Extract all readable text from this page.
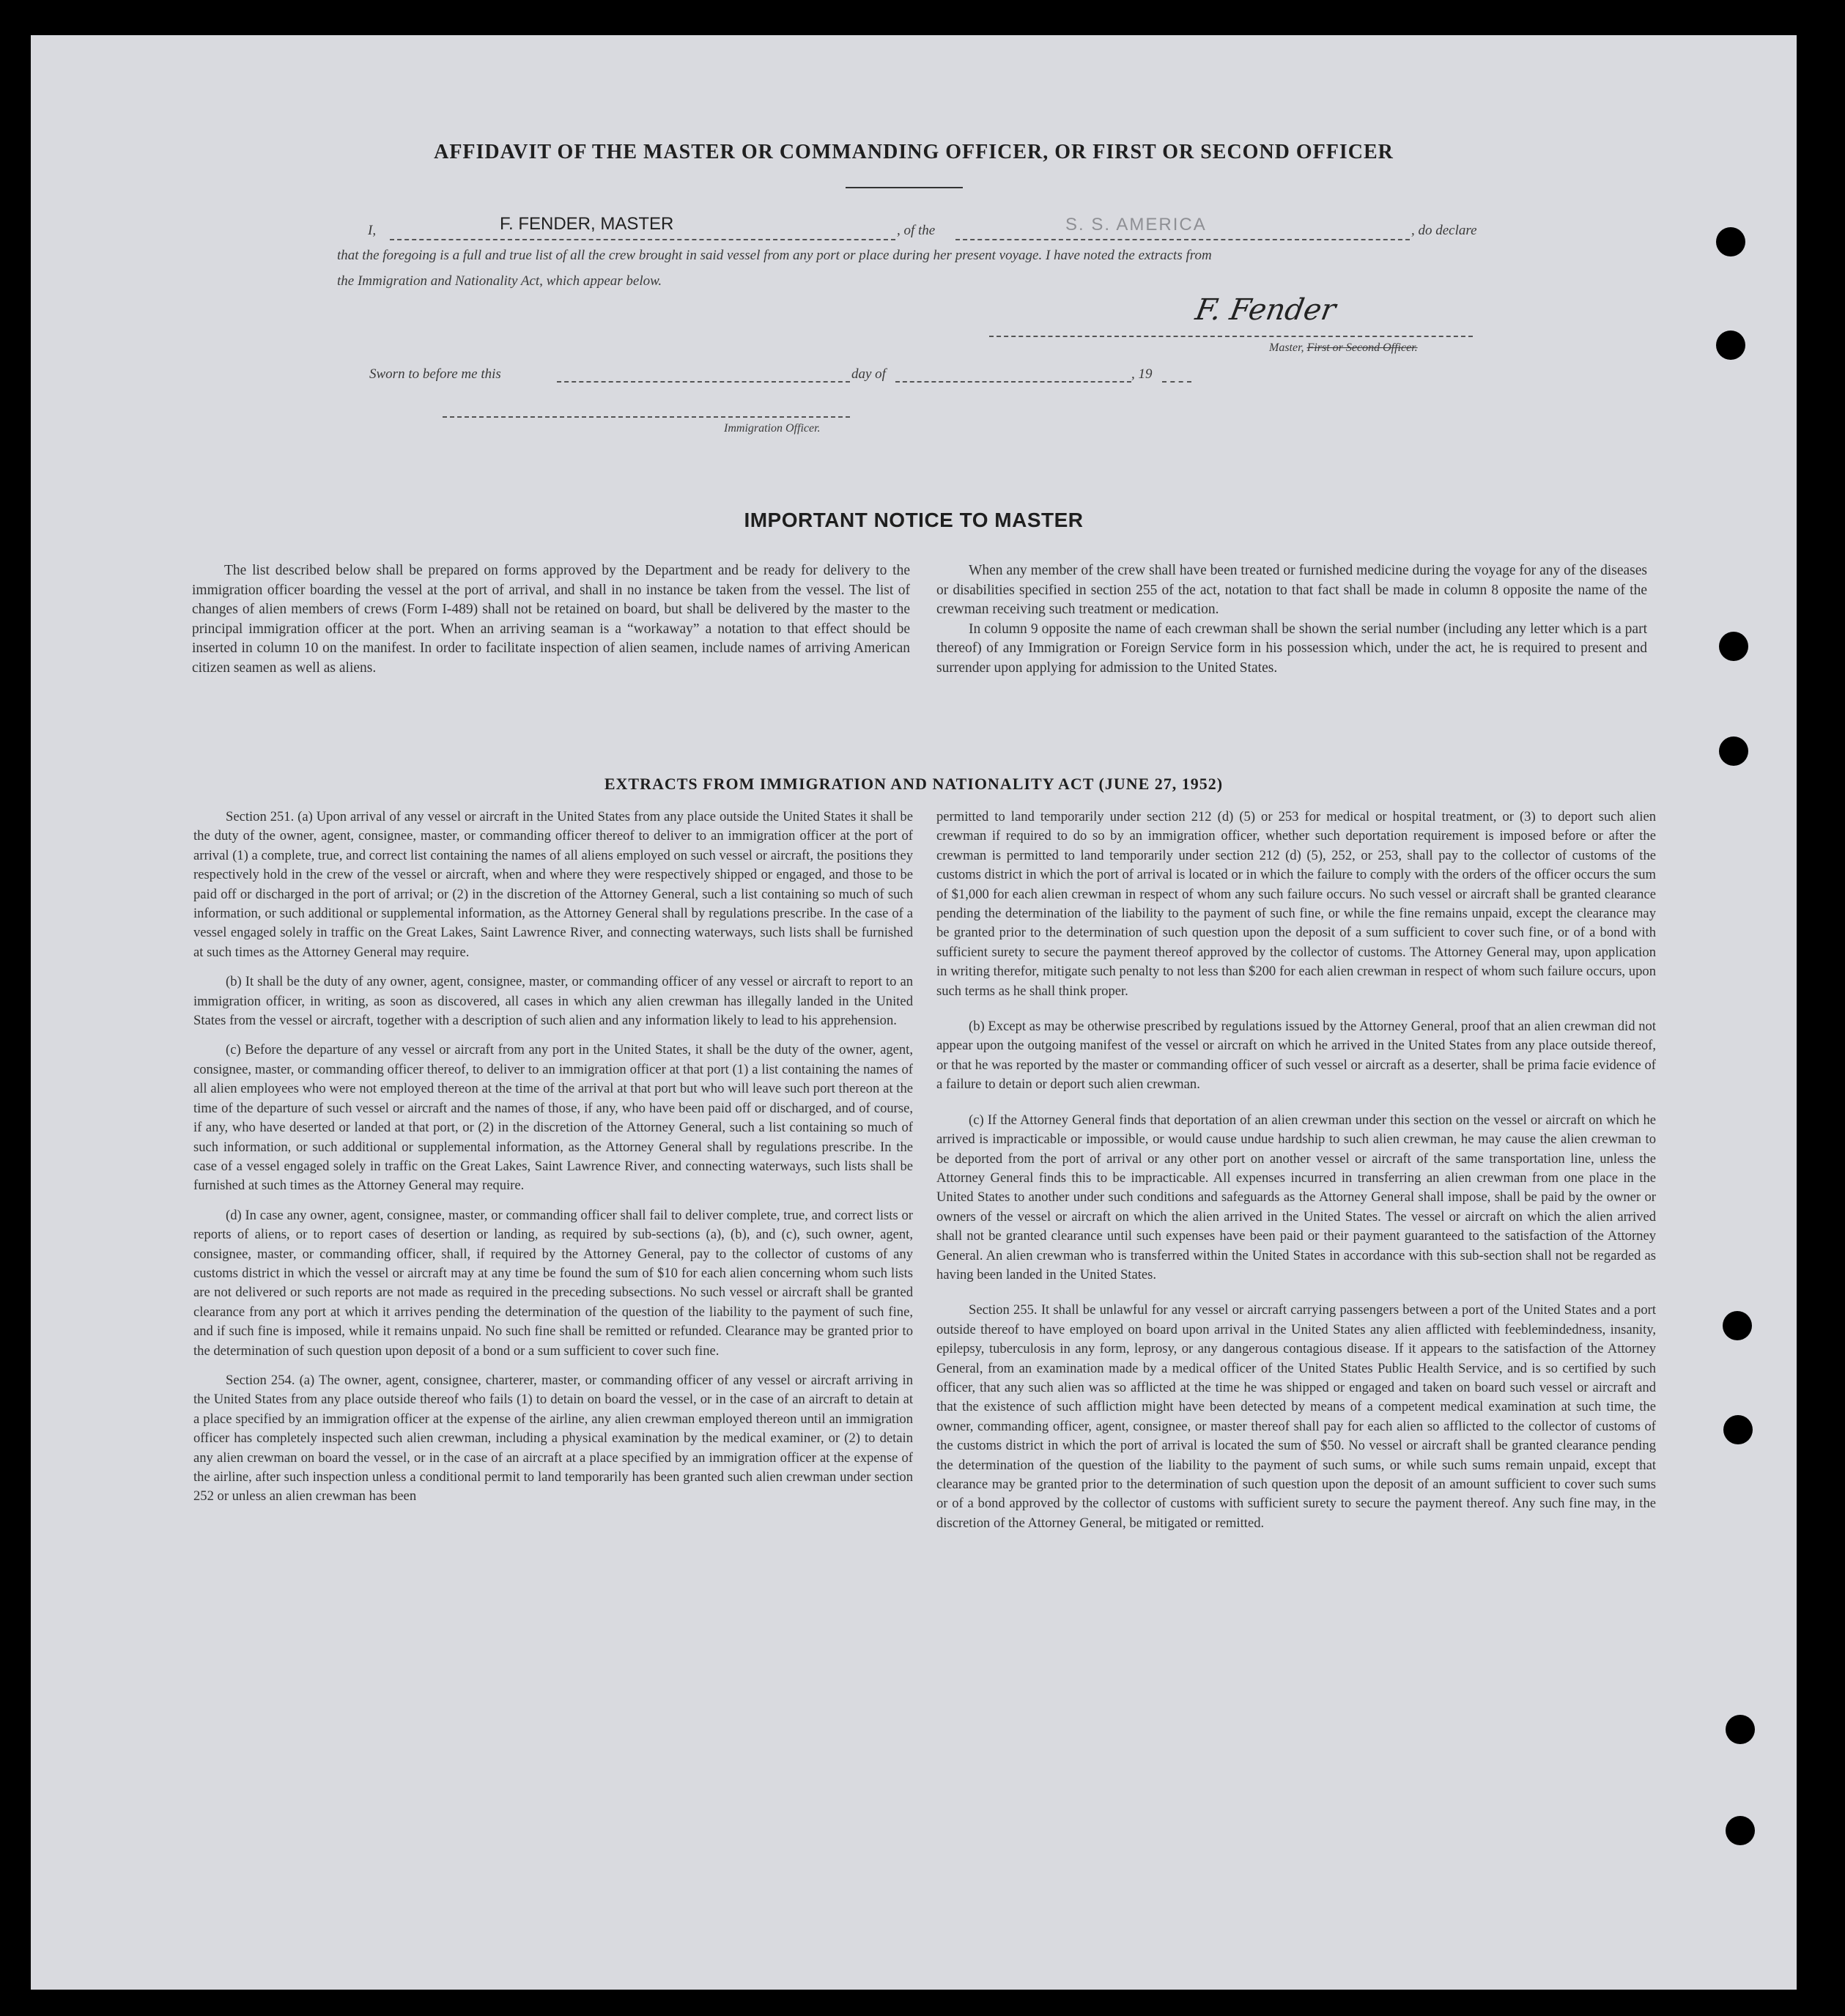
AFFIDAVIT OF THE MASTER OR COMMANDING OFFICER, OR FIRST OR SECOND OFFICER
I,	F. FENDER, MASTER	, of the	S. S. AMERICA	, do declare
that the foregoing is a full and true list of all the crew brought in said vessel from any port or place during her present voyage. I have noted the extracts from
the Immigration and Nationality Act, which appear below.
F. Fender
Master, First or Second Officer.
Sworn to before me this	day of	, 19
Immigration Officer.
IMPORTANT NOTICE TO MASTER

The list described below shall be prepared on forms approved by the Department and be ready for delivery to the immigration officer boarding the vessel at the port of arrival, and shall in no instance be taken from the vessel. The list of changes of alien members of crews (Form I-489) shall not be retained on board, but shall be delivered by the master to the principal immigration officer at the port. When an arriving seaman is a “workaway” a notation to that effect should be inserted in column 10 on the manifest. In order to facilitate inspection of alien seamen, include names of arriving American citizen seamen as well as aliens.

When any member of the crew shall have been treated or furnished medicine during the voyage for any of the diseases or disabilities specified in section 255 of the act, notation to that fact shall be made in column 8 opposite the name of the crewman receiving such treatment or medication.

In column 9 opposite the name of each crewman shall be shown the serial number (including any letter which is a part thereof) of any Immigration or Foreign Service form in his possession which, under the act, he is required to present and surrender upon applying for admission to the United States.

EXTRACTS FROM IMMIGRATION AND NATIONALITY ACT (JUNE 27, 1952)

Section 251. (a) Upon arrival of any vessel or aircraft in the United States from any place outside the United States it shall be the duty of the owner, agent, consignee, master, or commanding officer thereof to deliver to an immigration officer at the port of arrival (1) a complete, true, and correct list containing the names of all aliens employed on such vessel or aircraft, the positions they respectively hold in the crew of the vessel or aircraft, when and where they were respectively shipped or engaged, and those to be paid off or discharged in the port of arrival; or (2) in the discretion of the Attorney General, such a list containing so much of such information, or such additional or supplemental information, as the Attorney General shall by regulations prescribe. In the case of a vessel engaged solely in traffic on the Great Lakes, Saint Lawrence River, and connecting waterways, such lists shall be furnished at such times as the Attorney General may require.

(b) It shall be the duty of any owner, agent, consignee, master, or commanding officer of any vessel or aircraft to report to an immigration officer, in writing, as soon as discovered, all cases in which any alien crewman has illegally landed in the United States from the vessel or aircraft, together with a description of such alien and any information likely to lead to his apprehension.

(c) Before the departure of any vessel or aircraft from any port in the United States, it shall be the duty of the owner, agent, consignee, master, or commanding officer thereof, to deliver to an immigration officer at that port (1) a list containing the names of all alien employees who were not employed thereon at the time of the arrival at that port but who will leave such port thereon at the time of the departure of such vessel or aircraft and the names of those, if any, who have been paid off or discharged, and of course, if any, who have deserted or landed at that port, or (2) in the discretion of the Attorney General, such a list containing so much of such information, or such additional or supplemental information, as the Attorney General shall by regulations prescribe. In the case of a vessel engaged solely in traffic on the Great Lakes, Saint Lawrence River, and connecting waterways, such lists shall be furnished at such times as the Attorney General may require.

(d) In case any owner, agent, consignee, master, or commanding officer shall fail to deliver complete, true, and correct lists or reports of aliens, or to report cases of desertion or landing, as required by sub-sections (a), (b), and (c), such owner, agent, consignee, master, or commanding officer, shall, if required by the Attorney General, pay to the collector of customs of any customs district in which the vessel or aircraft may at any time be found the sum of $10 for each alien concerning whom such lists are not delivered or such reports are not made as required in the preceding subsections. No such vessel or aircraft shall be granted clearance from any port at which it arrives pending the determination of the question of the liability to the payment of such fine, and if such fine is imposed, while it remains unpaid. No such fine shall be remitted or refunded. Clearance may be granted prior to the determination of such question upon deposit of a bond or a sum sufficient to cover such fine.

Section 254. (a) The owner, agent, consignee, charterer, master, or commanding officer of any vessel or aircraft arriving in the United States from any place outside thereof who fails (1) to detain on board the vessel, or in the case of an aircraft to detain at a place specified by an immigration officer at the expense of the airline, any alien crewman employed thereon until an immigration officer has completely inspected such alien crewman, including a physical examination by the medical examiner, or (2) to detain any alien crewman on board the vessel, or in the case of an aircraft at a place specified by an immigration officer at the expense of the airline, after such inspection unless a conditional permit to land temporarily has been granted such alien crewman under section 252 or unless an alien crewman has been

permitted to land temporarily under section 212 (d) (5) or 253 for medical or hospital treatment, or (3) to deport such alien crewman if required to do so by an immigration officer, whether such deportation requirement is imposed before or after the crewman is permitted to land temporarily under section 212 (d) (5), 252, or 253, shall pay to the collector of customs of the customs district in which the port of arrival is located or in which the failure to comply with the orders of the officer occurs the sum of $1,000 for each alien crewman in respect of whom any such failure occurs. No such vessel or aircraft shall be granted clearance pending the determination of the liability to the payment of such fine, or while the fine remains unpaid, except the clearance may be granted prior to the determination of such question upon the deposit of a sum sufficient to cover such fine, or of a bond with sufficient surety to secure the payment thereof approved by the collector of customs. The Attorney General may, upon application in writing therefor, mitigate such penalty to not less than $200 for each alien crewman in respect of whom such failure occurs, upon such terms as he shall think proper.

(b) Except as may be otherwise prescribed by regulations issued by the Attorney General, proof that an alien crewman did not appear upon the outgoing manifest of the vessel or aircraft on which he arrived in the United States from any place outside thereof, or that he was reported by the master or commanding officer of such vessel or aircraft as a deserter, shall be prima facie evidence of a failure to detain or deport such alien crewman.

(c) If the Attorney General finds that deportation of an alien crewman under this section on the vessel or aircraft on which he arrived is impracticable or impossible, or would cause undue hardship to such alien crewman, he may cause the alien crewman to be deported from the port of arrival or any other port on another vessel or aircraft of the same transportation line, unless the Attorney General finds this to be impracticable. All expenses incurred in transferring an alien crewman from one place in the United States to another under such conditions and safeguards as the Attorney General shall impose, shall be paid by the owner or owners of the vessel or aircraft on which the alien arrived in the United States. The vessel or aircraft on which the alien arrived shall not be granted clearance until such expenses have been paid or their payment guaranteed to the satisfaction of the Attorney General. An alien crewman who is transferred within the United States in accordance with this sub-section shall not be regarded as having been landed in the United States.

Section 255. It shall be unlawful for any vessel or aircraft carrying passengers between a port of the United States and a port outside thereof to have employed on board upon arrival in the United States any alien afflicted with feeblemindedness, insanity, epilepsy, tuberculosis in any form, leprosy, or any dangerous contagious disease. If it appears to the satisfaction of the Attorney General, from an examination made by a medical officer of the United States Public Health Service, and is so certified by such officer, that any such alien was so afflicted at the time he was shipped or engaged and taken on board such vessel or aircraft and that the existence of such affliction might have been detected by means of a competent medical examination at such time, the owner, commanding officer, agent, consignee, or master thereof shall pay for each alien so afflicted to the collector of customs of the customs district in which the port of arrival is located the sum of $50. No vessel or aircraft shall be granted clearance pending the determination of the question of the liability to the payment of such sums, or while such sums remain unpaid, except that clearance may be granted prior to the determination of such question upon the deposit of an amount sufficient to cover such sums or of a bond approved by the collector of customs with sufficient surety to secure the payment thereof. Any such fine may, in the discretion of the Attorney General, be mitigated or remitted.
